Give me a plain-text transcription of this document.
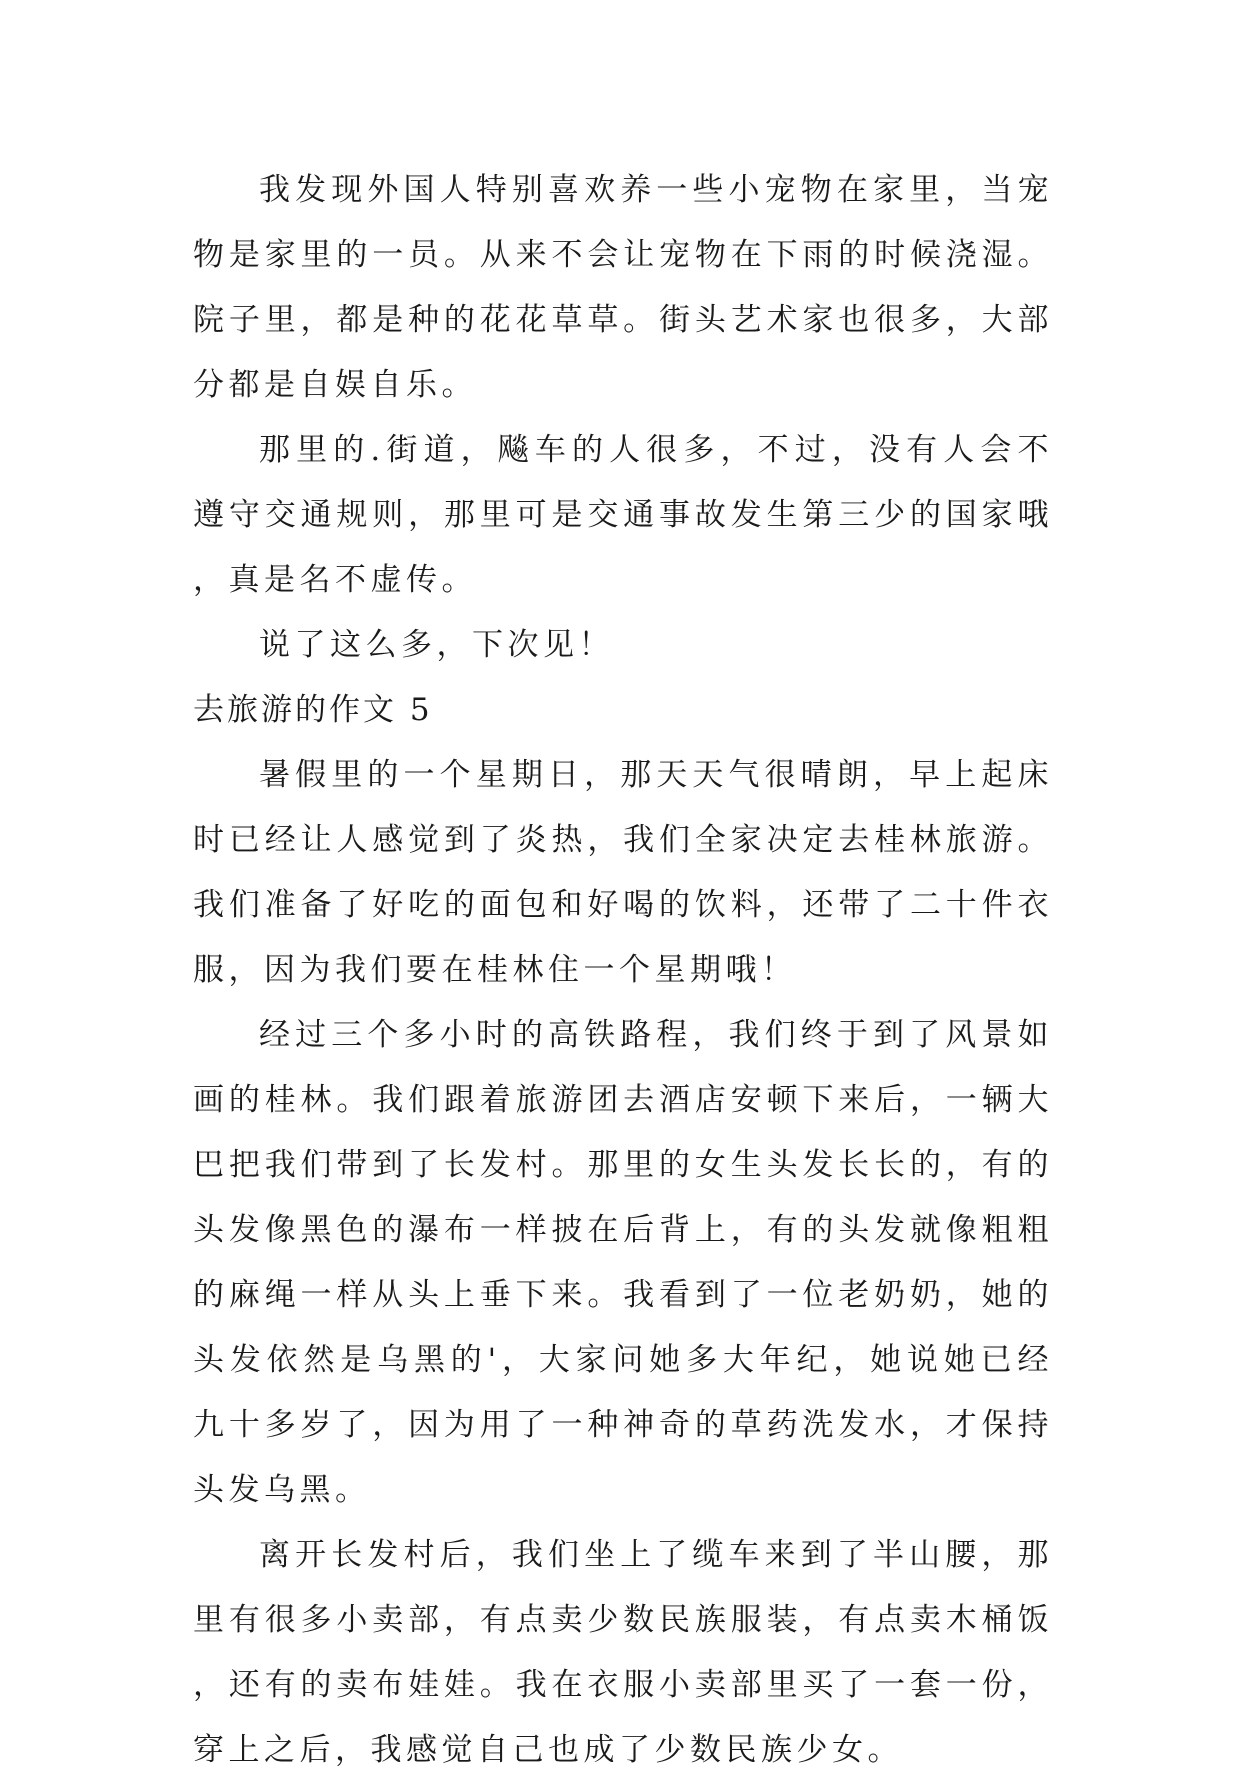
我发现外国人特别喜欢养一些小宠物在家里，当宠物是家里的一员。从来不会让宠物在下雨的时候浇湿。院子里，都是种的花花草草。街头艺术家也很多，大部分都是自娱自乐。

那里的.街道，飚车的人很多，不过，没有人会不遵守交通规则，那里可是交通事故发生第三少的国家哦，真是名不虚传。

说了这么多，下次见！

去旅游的作文 5

暑假里的一个星期日，那天天气很晴朗，早上起床时已经让人感觉到了炎热，我们全家决定去桂林旅游。我们准备了好吃的面包和好喝的饮料，还带了二十件衣服，因为我们要在桂林住一个星期哦！

经过三个多小时的高铁路程，我们终于到了风景如画的桂林。我们跟着旅游团去酒店安顿下来后，一辆大巴把我们带到了长发村。那里的女生头发长长的，有的头发像黑色的瀑布一样披在后背上，有的头发就像粗粗的麻绳一样从头上垂下来。我看到了一位老奶奶，她的头发依然是乌黑的'，大家问她多大年纪，她说她已经九十多岁了，因为用了一种神奇的草药洗发水，才保持头发乌黑。

离开长发村后，我们坐上了缆车来到了半山腰，那里有很多小卖部，有点卖少数民族服装，有点卖木桶饭，还有的卖布娃娃。我在衣服小卖部里买了一套一份，穿上之后，我感觉自己也成了少数民族少女。
